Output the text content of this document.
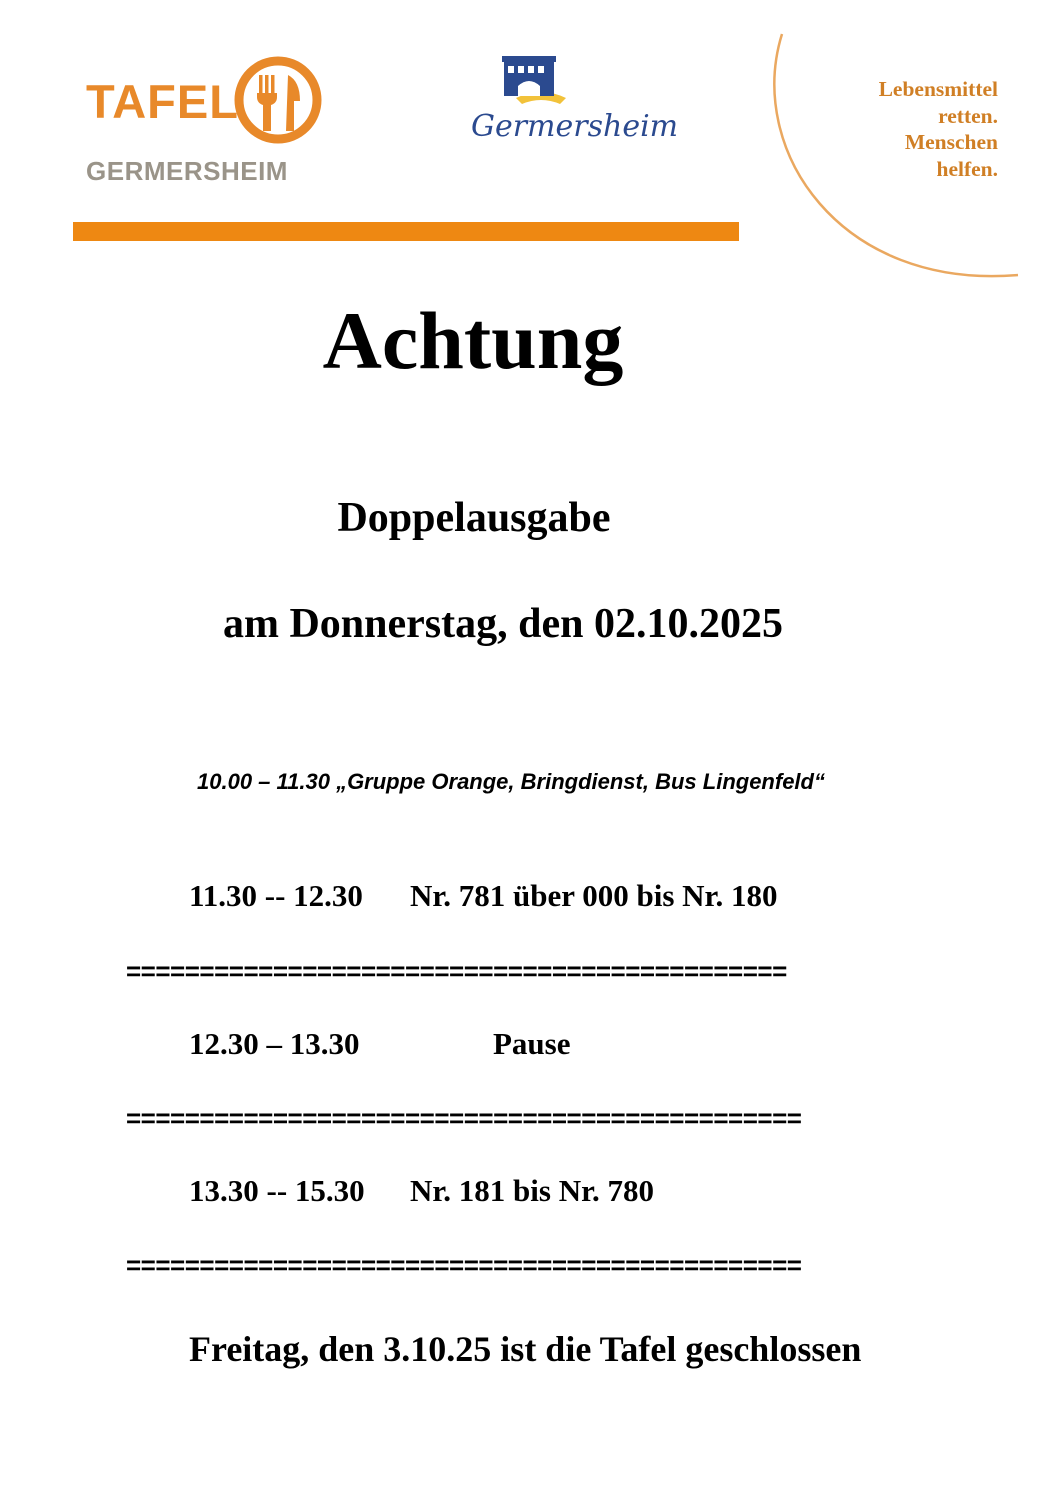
TAFEL
GERMERSHEIM
Germersheim
Lebensmittel
retten.
Menschen
helfen.
Achtung
Doppelausgabe
am Donnerstag, den 02.10.2025
10.00 – 11.30 „Gruppe Orange, Bringdienst, Bus Lingenfeld“
11.30 -- 12.30 Nr. 781 über 000 bis Nr. 180
=============================================
12.30 – 13.30	Pause
==============================================
13.30 -- 15.30 Nr. 181 bis Nr. 780
==============================================
Freitag, den 3.10.25 ist die Tafel geschlossen
